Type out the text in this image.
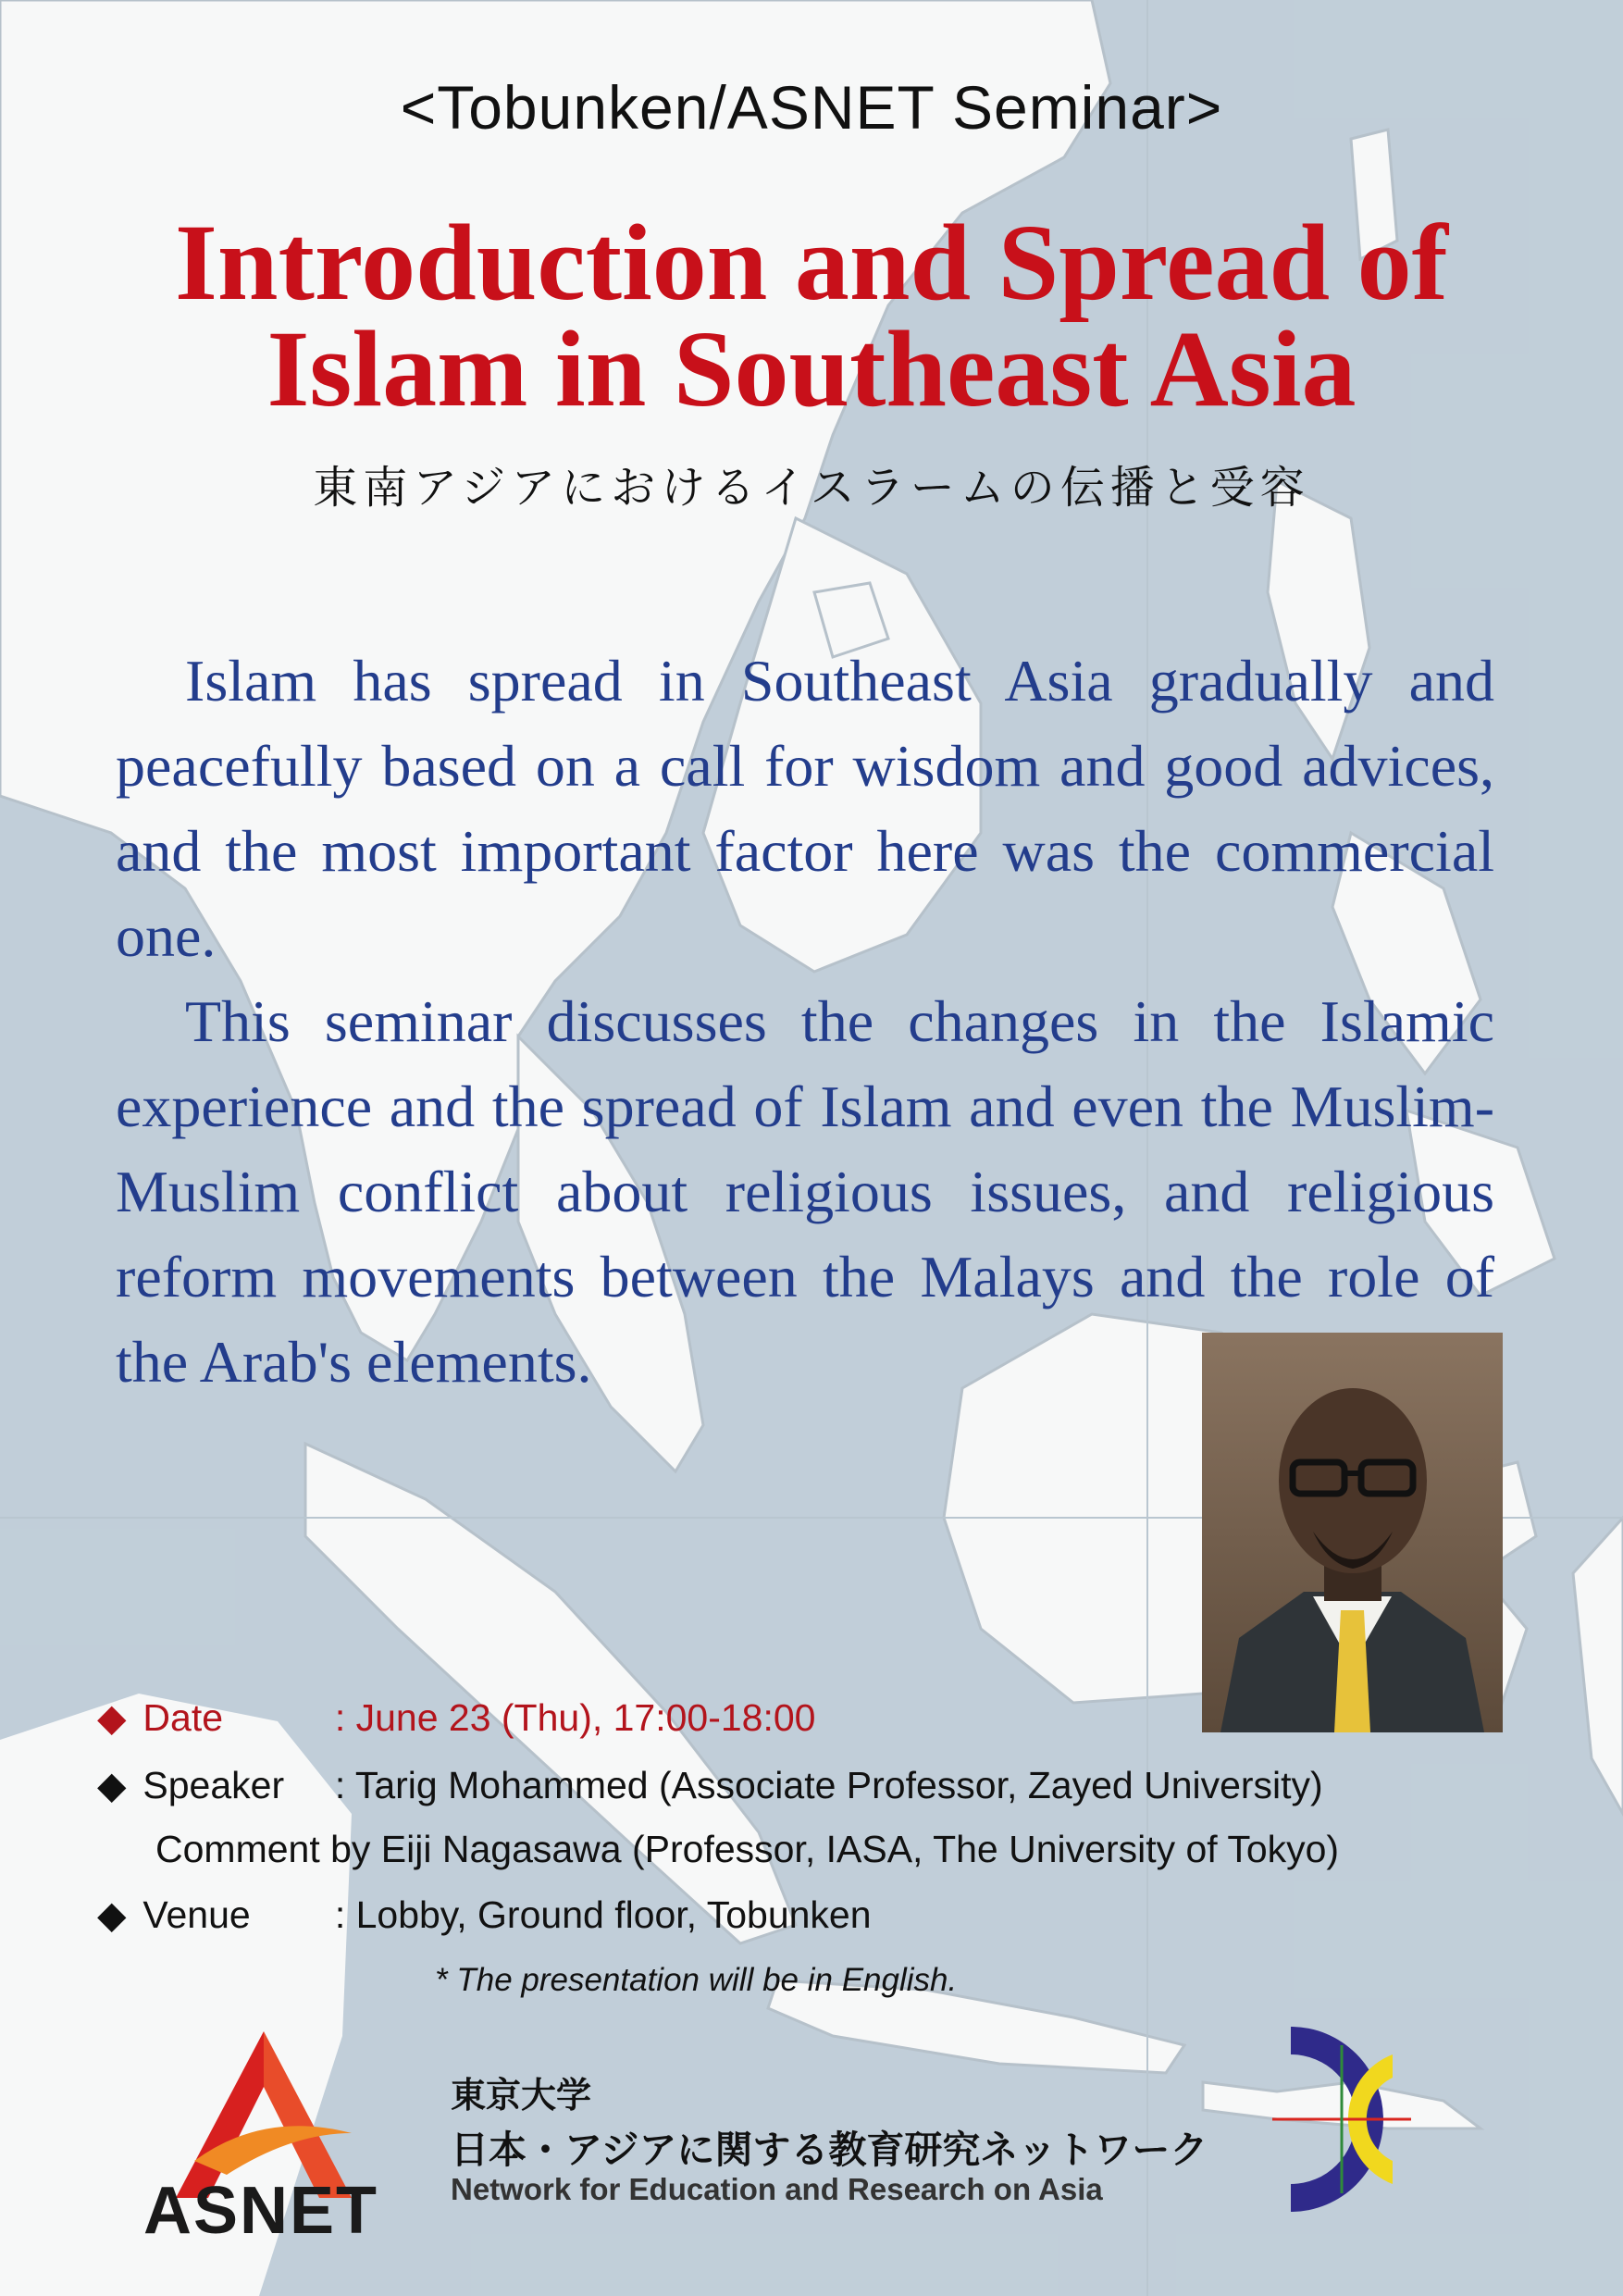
<Tobunken/ASNET Seminar>
Introduction and Spread of
Islam in Southeast Asia
東南アジアにおけるイスラームの伝播と受容

Islam has spread in Southeast Asia gradually and peacefully based on a call for wisdom and good advices, and the most important factor here was the commercial one.

This seminar discusses the changes in the Islamic experience and the spread of Islam and even the Muslim-Muslim conflict about religious issues, and religious reform movements between the Malays and the role of the Arab's elements.

◆ Date	: June 23 (Thu), 17:00-18:00
◆ Speaker : Tarig Mohammed (Associate Professor, Zayed University)
Comment by Eiji Nagasawa (Professor, IASA, The University of Tokyo)
◆ Venue : Lobby, Ground floor, Tobunken
* The presentation will be in English.
ASNET
東京大学
日本・アジアに関する教育研究ネットワーク
Network for Education and Research on Asia
